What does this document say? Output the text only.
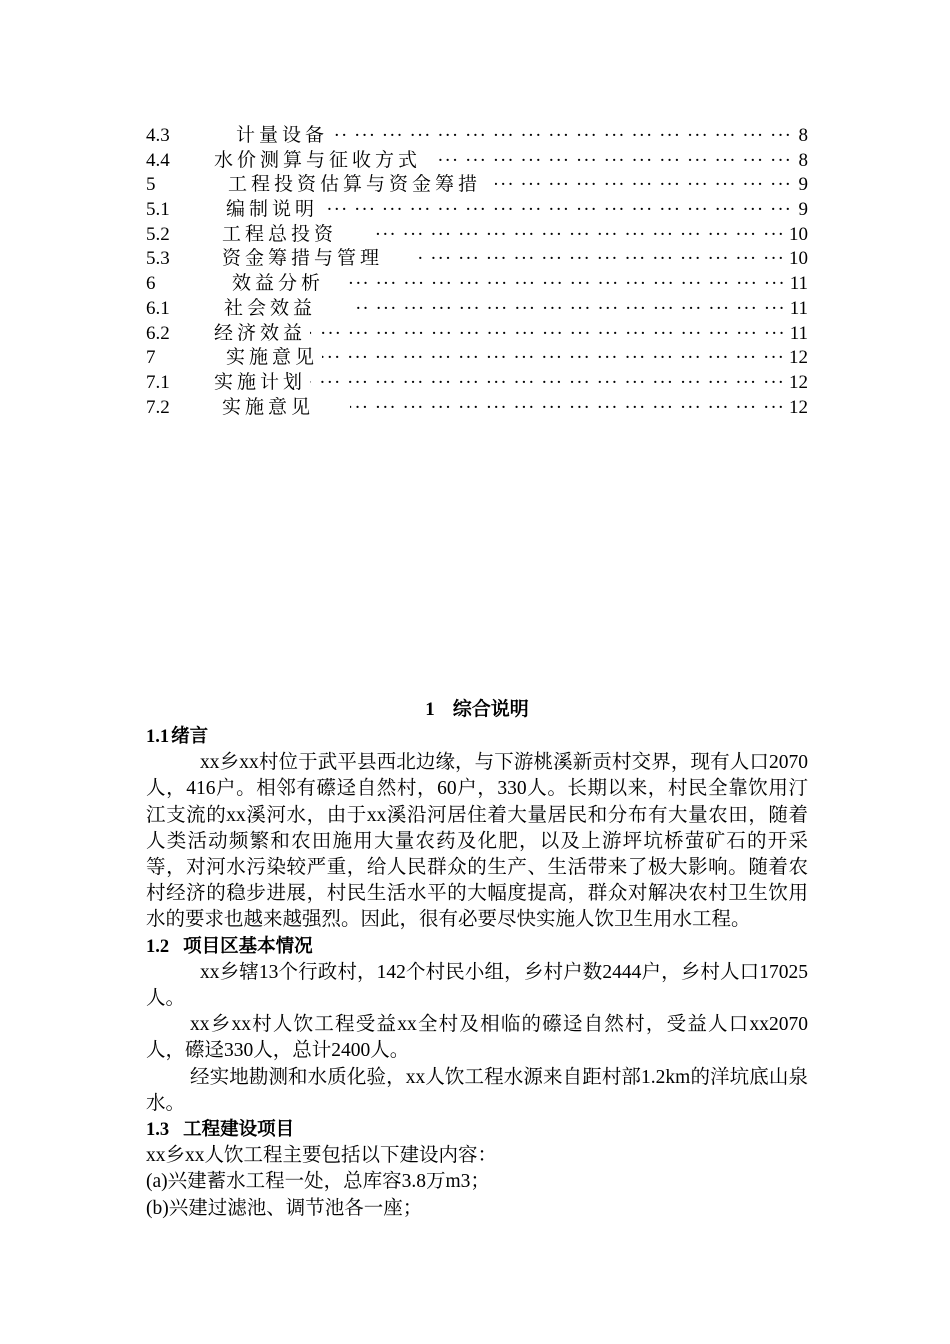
4.3	计量设备 ··· ·	8
4.4	水价测算与征收方式 ··· ·	8
5	工程投资估算与资金筹措 ··· ·	9
5.1	编制说明 ··· ·	9
5.2	工程总投资 ··· ·	10
5.3	资金筹措与管理 ··· ·	10
6	效益分析 ··· ·	11
6.1	社会效益 ··· ·	11
6.2	经济效益 ··· ·	11
7	实施意见 ··· ·	12
7.1	实施计划 ··· ·	12
7.2	实施意见 ··· ·	12
1 综合说明
1.1 绪言

xx乡xx村位于武平县西北边缘，与下游桃溪新贡村交界，现有人口2070人，416户。相邻有礤迳自然村，60户，330人。长期以来，村民全靠饮用汀江支流的xx溪河水，由于xx溪沿河居住着大量居民和分布有大量农田，随着人类活动频繁和农田施用大量农药及化肥，以及上游坪坑桥萤矿石的开采等，对河水污染较严重，给人民群众的生产、生活带来了极大影响。随着农村经济的稳步进展，村民生活水平的大幅度提高，群众对解决农村卫生饮用水的要求也越来越强烈。因此，很有必要尽快实施人饮卫生用水工程。

1.2 项目区基本情况

xx乡辖13个行政村，142个村民小组，乡村户数2444户，乡村人口17025人。

xx乡xx村人饮工程受益xx全村及相临的礤迳自然村，受益人口xx2070人，礤迳330人，总计2400人。

经实地勘测和水质化验，xx人饮工程水源来自距村部1.2km的洋坑底山泉水。

1.3 工程建设项目

xx乡xx人饮工程主要包括以下建设内容：

(a)兴建蓄水工程一处，总库容3.8万m3；

(b)兴建过滤池、调节池各一座；
